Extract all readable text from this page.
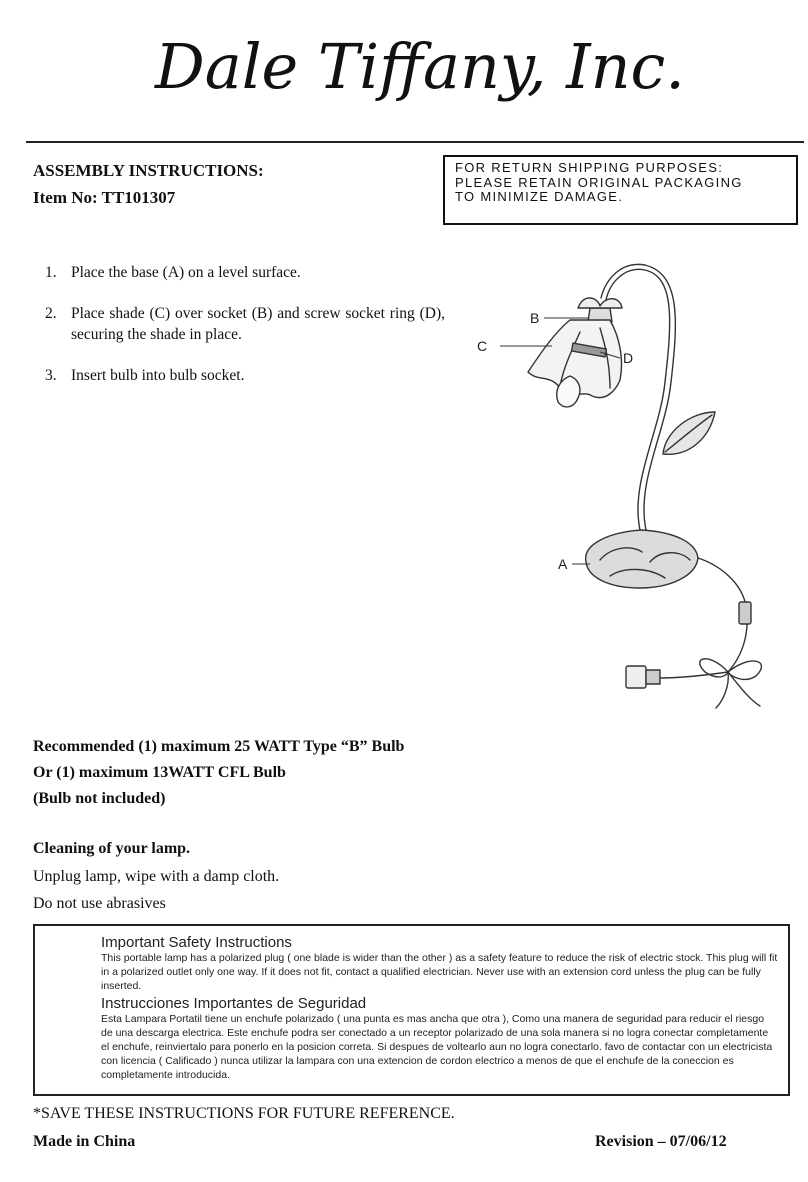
Dale Tiffany, Inc.
ASSEMBLY INSTRUCTIONS:
Item No: TT101307
FOR RETURN SHIPPING PURPOSES:
PLEASE RETAIN ORIGINAL PACKAGING
TO MINIMIZE DAMAGE.
1. Place the base (A) on a level surface.
2. Place shade (C) over socket (B) and screw socket ring (D), securing the shade in place.
3. Insert bulb into bulb socket.
B
C
D
A
Recommended (1) maximum 25 WATT Type “B” Bulb
Or (1) maximum 13WATT CFL Bulb
(Bulb not included)
Cleaning of your lamp.
Unplug lamp, wipe with a damp cloth.
Do not use abrasives
Important Safety Instructions
This portable lamp has a polarized plug ( one blade is wider than the other ) as a safety feature to reduce the risk of electric stock. This plug will fit in a polarized outlet only one way. If it does not fit, contact a qualified electrician. Never use with an extension cord unless the plug can be fully inserted.
Instrucciones Importantes de Seguridad
Esta Lampara Portatil tiene un enchufe polarizado ( una punta es mas ancha que otra ), Como una manera de seguridad para reducir el riesgo de una descarga electrica. Este enchufe podra ser conectado a un receptor polarizado de una sola manera si no logra conectar completamente el enchufe, reinviertalo para ponerlo en la posicion correta. Si despues de voltearlo aun no logra conectarlo. favo de contactar con un electricista con licencia ( Calificado ) nunca utilizar la lampara con una extencion de cordon electrico a menos de que el enchufe de la coneccion es completamente introducida.
*SAVE THESE INSTRUCTIONS FOR FUTURE REFERENCE.
Made in China	Revision – 07/06/12
